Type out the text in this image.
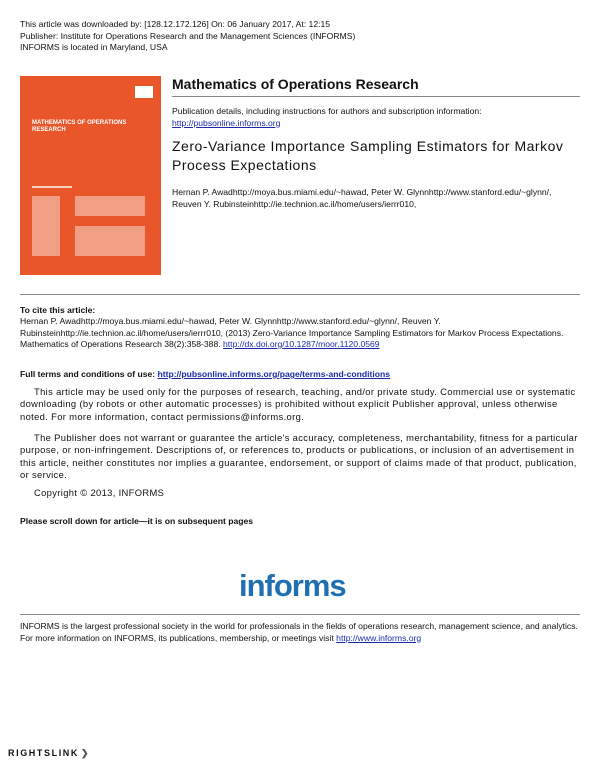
This article was downloaded by: [128.12.172.126] On: 06 January 2017, At: 12:15
Publisher: Institute for Operations Research and the Management Sciences (INFORMS)
INFORMS is located in Maryland, USA
MATHEMATICS OF OPERATIONS RESEARCH
Mathematics of Operations Research
Publication details, including instructions for authors and subscription information:
http://pubsonline.informs.org
Zero-Variance Importance Sampling Estimators for Markov Process Expectations
Hernan P. Awadhttp://moya.bus.miami.edu/~hawad, Peter W. Glynnhttp://www.stanford.edu/~glynn/, Reuven Y. Rubinsteinhttp://ie.technion.ac.il/home/users/ierrr010,
To cite this article:
Hernan P. Awadhttp://moya.bus.miami.edu/~hawad, Peter W. Glynnhttp://www.stanford.edu/~glynn/, Reuven Y. Rubinsteinhttp://ie.technion.ac.il/home/users/ierrr010, (2013) Zero-Variance Importance Sampling Estimators for Markov Process Expectations. Mathematics of Operations Research 38(2):358-388. http://dx.doi.org/10.1287/moor.1120.0569
Full terms and conditions of use: http://pubsonline.informs.org/page/terms-and-conditions
This article may be used only for the purposes of research, teaching, and/or private study. Commercial use or systematic downloading (by robots or other automatic processes) is prohibited without explicit Publisher approval, unless otherwise noted. For more information, contact permissions@informs.org.
The Publisher does not warrant or guarantee the article's accuracy, completeness, merchantability, fitness for a particular purpose, or non-infringement. Descriptions of, or references to, products or publications, or inclusion of an advertisement in this article, neither constitutes nor implies a guarantee, endorsement, or support of claims made of that product, publication, or service.
Copyright © 2013, INFORMS
Please scroll down for article—it is on subsequent pages
informs
INFORMS is the largest professional society in the world for professionals in the fields of operations research, management science, and analytics.
For more information on INFORMS, its publications, membership, or meetings visit http://www.informs.org
RIGHTSLINK ❯
